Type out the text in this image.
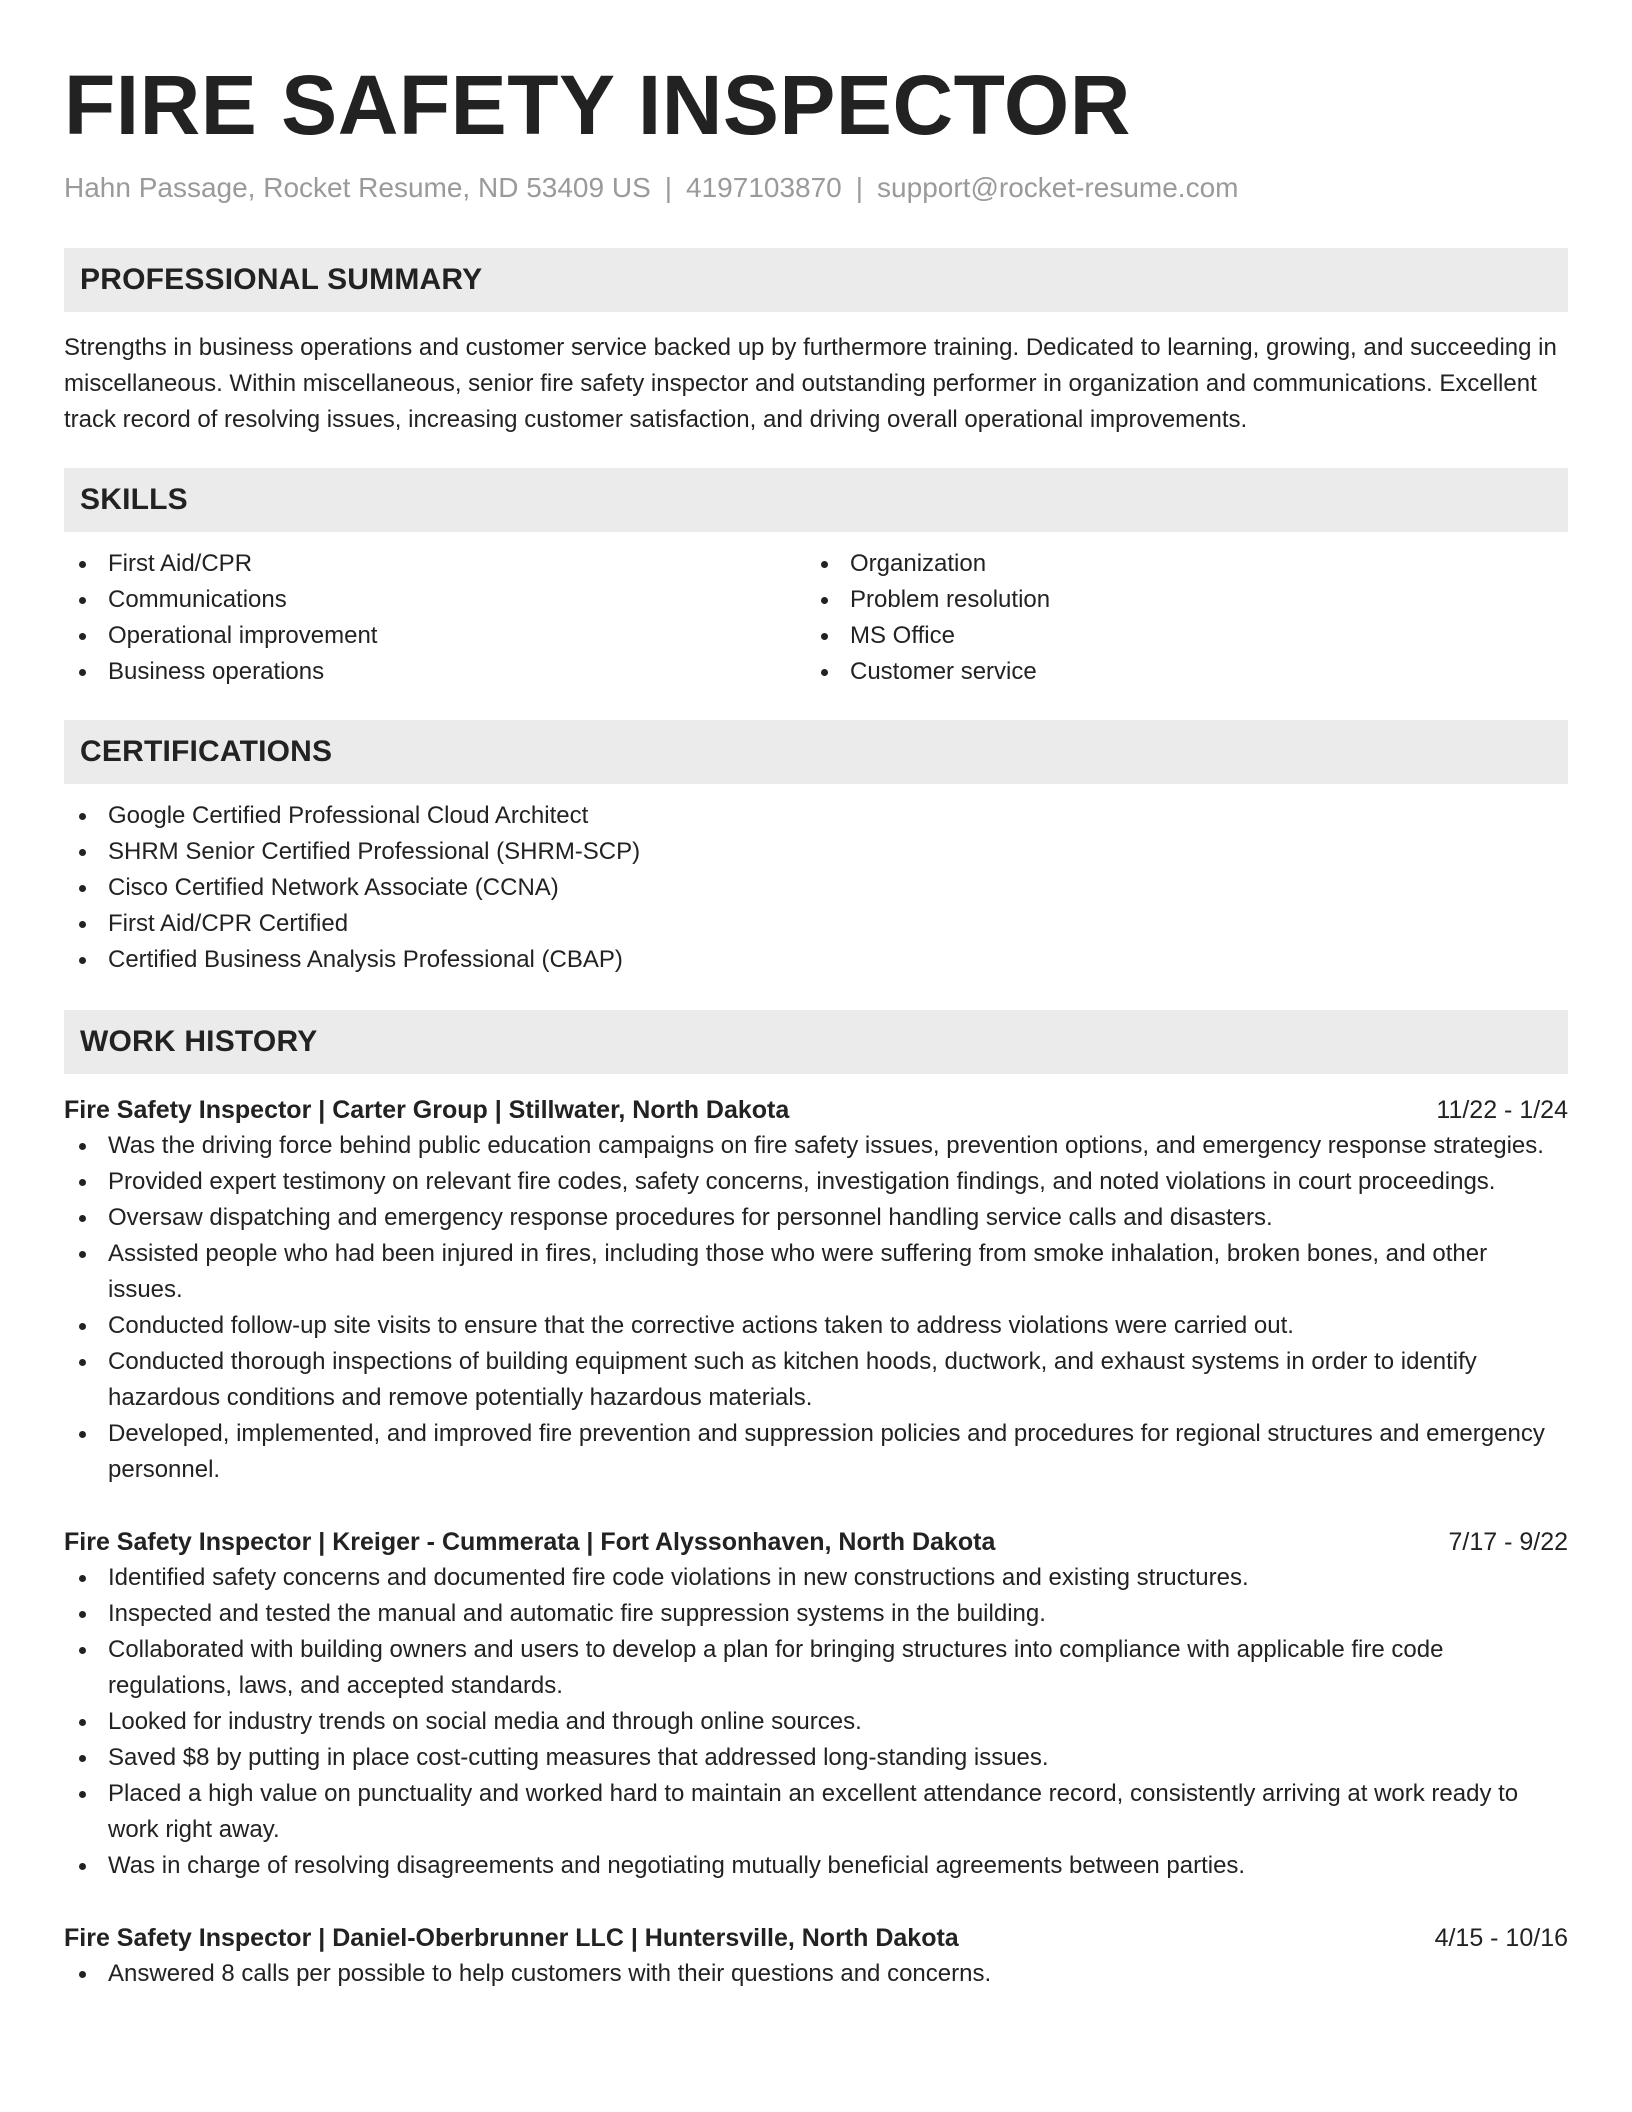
FIRE SAFETY INSPECTOR
Hahn Passage, Rocket Resume, ND 53409 US | 4197103870 | support@rocket-resume.com
PROFESSIONAL SUMMARY
Strengths in business operations and customer service backed up by furthermore training. Dedicated to learning, growing, and succeeding in miscellaneous. Within miscellaneous, senior fire safety inspector and outstanding performer in organization and communications. Excellent track record of resolving issues, increasing customer satisfaction, and driving overall operational improvements.
SKILLS
First Aid/CPR
Communications
Operational improvement
Business operations
Organization
Problem resolution
MS Office
Customer service
CERTIFICATIONS
Google Certified Professional Cloud Architect
SHRM Senior Certified Professional (SHRM-SCP)
Cisco Certified Network Associate (CCNA)
First Aid/CPR Certified
Certified Business Analysis Professional (CBAP)
WORK HISTORY
Fire Safety Inspector | Carter Group | Stillwater, North Dakota	11/22 - 1/24
Was the driving force behind public education campaigns on fire safety issues, prevention options, and emergency response strategies.
Provided expert testimony on relevant fire codes, safety concerns, investigation findings, and noted violations in court proceedings.
Oversaw dispatching and emergency response procedures for personnel handling service calls and disasters.
Assisted people who had been injured in fires, including those who were suffering from smoke inhalation, broken bones, and other issues.
Conducted follow-up site visits to ensure that the corrective actions taken to address violations were carried out.
Conducted thorough inspections of building equipment such as kitchen hoods, ductwork, and exhaust systems in order to identify hazardous conditions and remove potentially hazardous materials.
Developed, implemented, and improved fire prevention and suppression policies and procedures for regional structures and emergency personnel.
Fire Safety Inspector | Kreiger - Cummerata | Fort Alyssonhaven, North Dakota	7/17 - 9/22
Identified safety concerns and documented fire code violations in new constructions and existing structures.
Inspected and tested the manual and automatic fire suppression systems in the building.
Collaborated with building owners and users to develop a plan for bringing structures into compliance with applicable fire code regulations, laws, and accepted standards.
Looked for industry trends on social media and through online sources.
Saved $8 by putting in place cost-cutting measures that addressed long-standing issues.
Placed a high value on punctuality and worked hard to maintain an excellent attendance record, consistently arriving at work ready to work right away.
Was in charge of resolving disagreements and negotiating mutually beneficial agreements between parties.
Fire Safety Inspector | Daniel-Oberbrunner LLC | Huntersville, North Dakota	4/15 - 10/16
Answered 8 calls per possible to help customers with their questions and concerns.
